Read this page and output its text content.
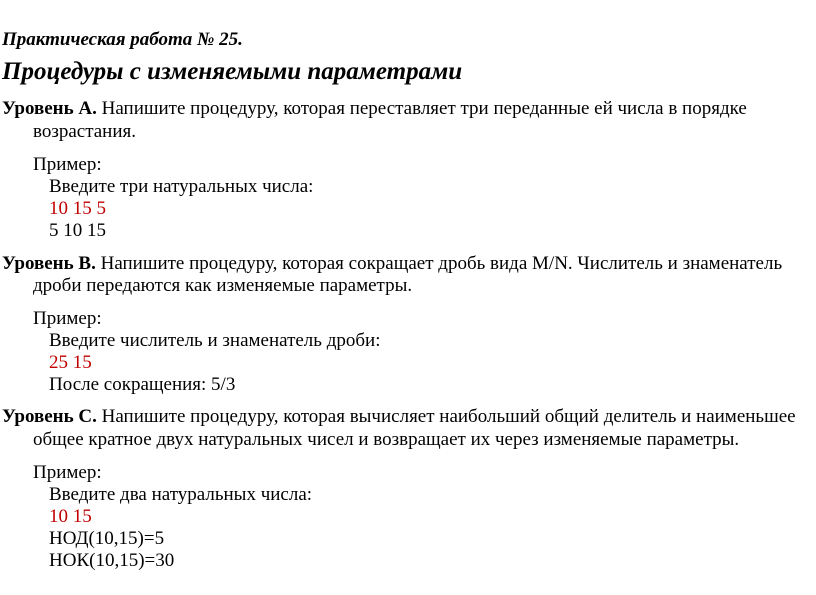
Практическая работа № 25.
Процедуры с изменяемыми параметрами
Уровень А. Напишите процедуру, которая переставляет три переданные ей числа в порядке
возрастания.
Пример:
Введите три натуральных числа:
10 15 5
5 10 15
Уровень В. Напишите процедуру, которая сокращает дробь вида M/N. Числитель и знаменатель
дроби передаются как изменяемые параметры.
Пример:
Введите числитель и знаменатель дроби:
25 15
После сокращения: 5/3
Уровень С. Напишите процедуру, которая вычисляет наибольший общий делитель и наименьшее
общее кратное двух натуральных чисел и возвращает их через изменяемые параметры.
Пример:
Введите два натуральных числа:
10 15
НОД(10,15)=5
НОК(10,15)=30
